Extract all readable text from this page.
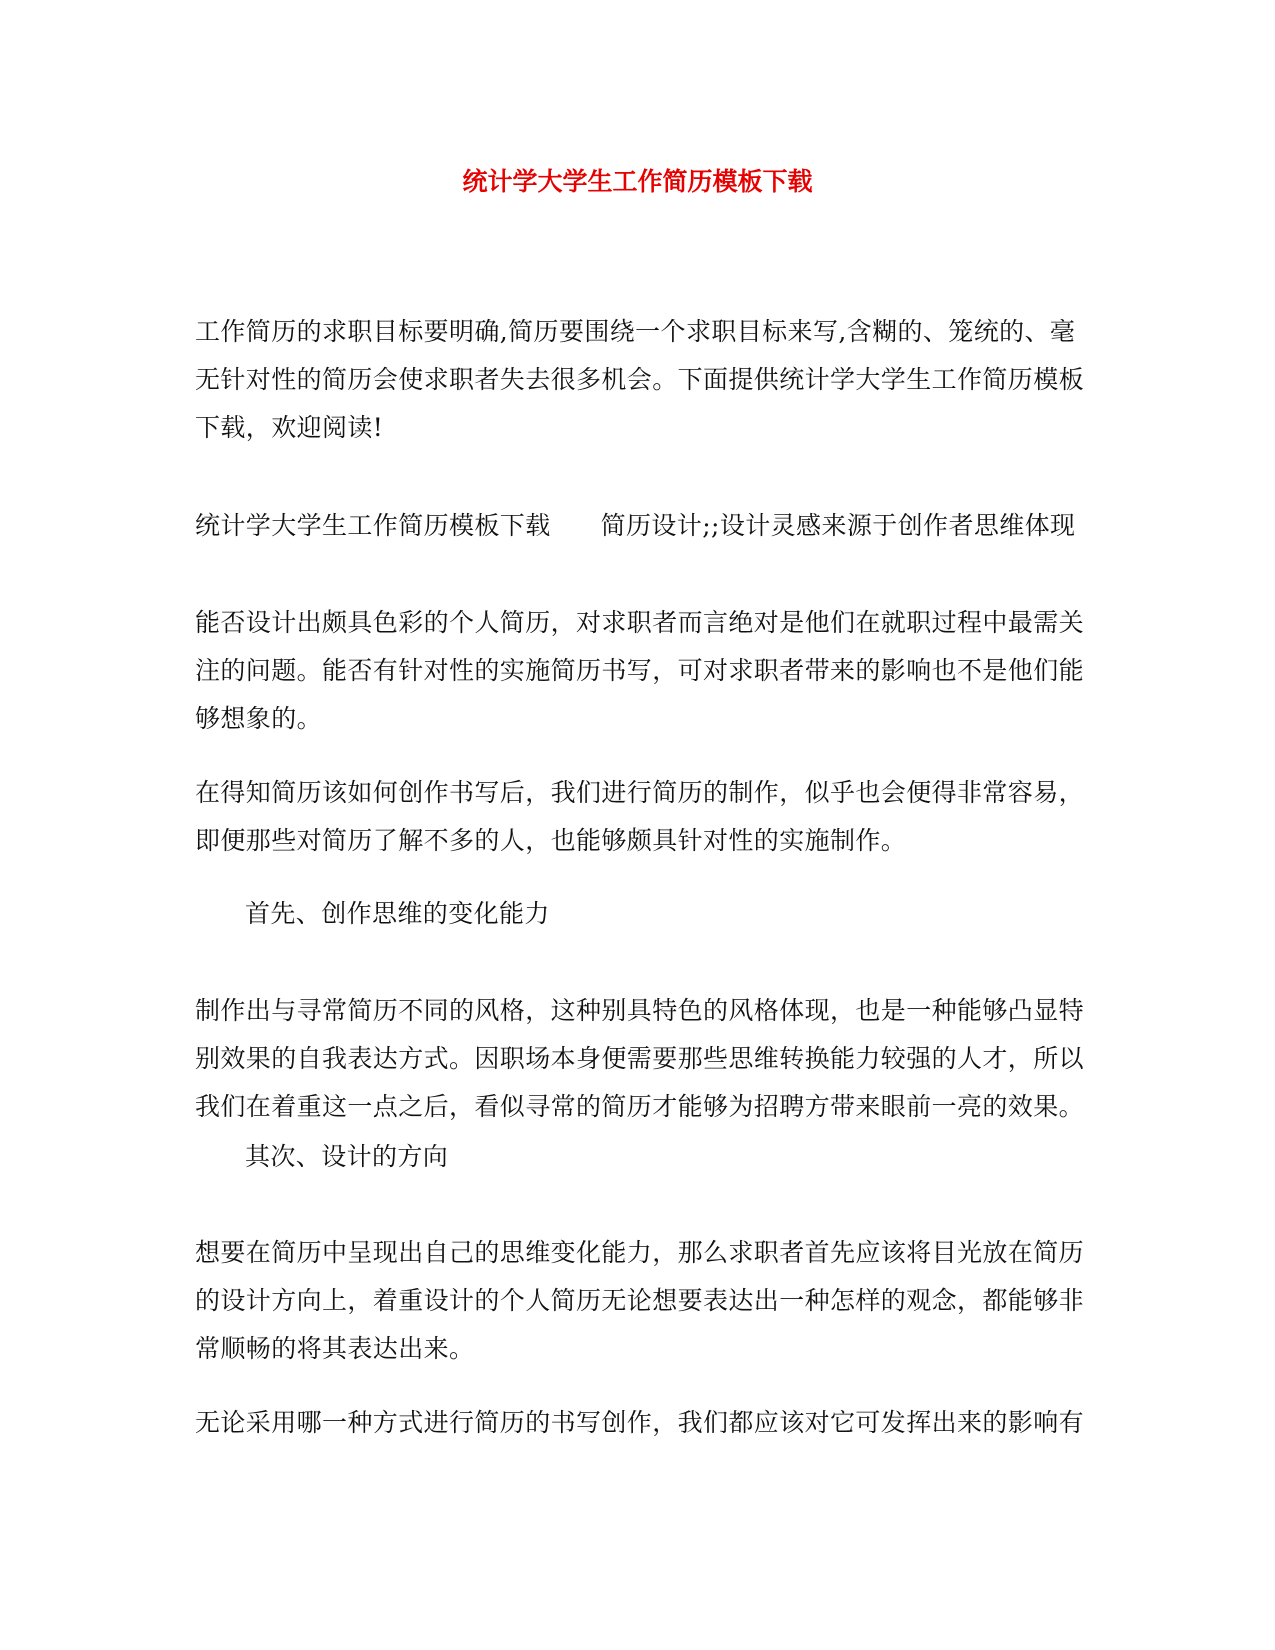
统计学大学生工作简历模板下载

工作简历的求职目标要明确,简历要围绕一个求职目标来写,含糊的、笼统的、毫
无针对性的简历会使求职者失去很多机会。下面提供统计学大学生工作简历模板
下载，欢迎阅读!

统计学大学生工作简历模板下载 简历设计;;设计灵感来源于创作者思维体现

能否设计出颇具色彩的个人简历，对求职者而言绝对是他们在就职过程中最需关
注的问题。能否有针对性的实施简历书写，可对求职者带来的影响也不是他们能
够想象的。

在得知简历该如何创作书写后，我们进行简历的制作，似乎也会便得非常容易，
即便那些对简历了解不多的人，也能够颇具针对性的实施制作。

首先、创作思维的变化能力

制作出与寻常简历不同的风格，这种别具特色的风格体现，也是一种能够凸显特
别效果的自我表达方式。因职场本身便需要那些思维转换能力较强的人才，所以
我们在着重这一点之后，看似寻常的简历才能够为招聘方带来眼前一亮的效果。

其次、设计的方向

想要在简历中呈现出自己的思维变化能力，那么求职者首先应该将目光放在简历
的设计方向上，着重设计的个人简历无论想要表达出一种怎样的观念，都能够非
常顺畅的将其表达出来。

无论采用哪一种方式进行简历的书写创作，我们都应该对它可发挥出来的影响有
